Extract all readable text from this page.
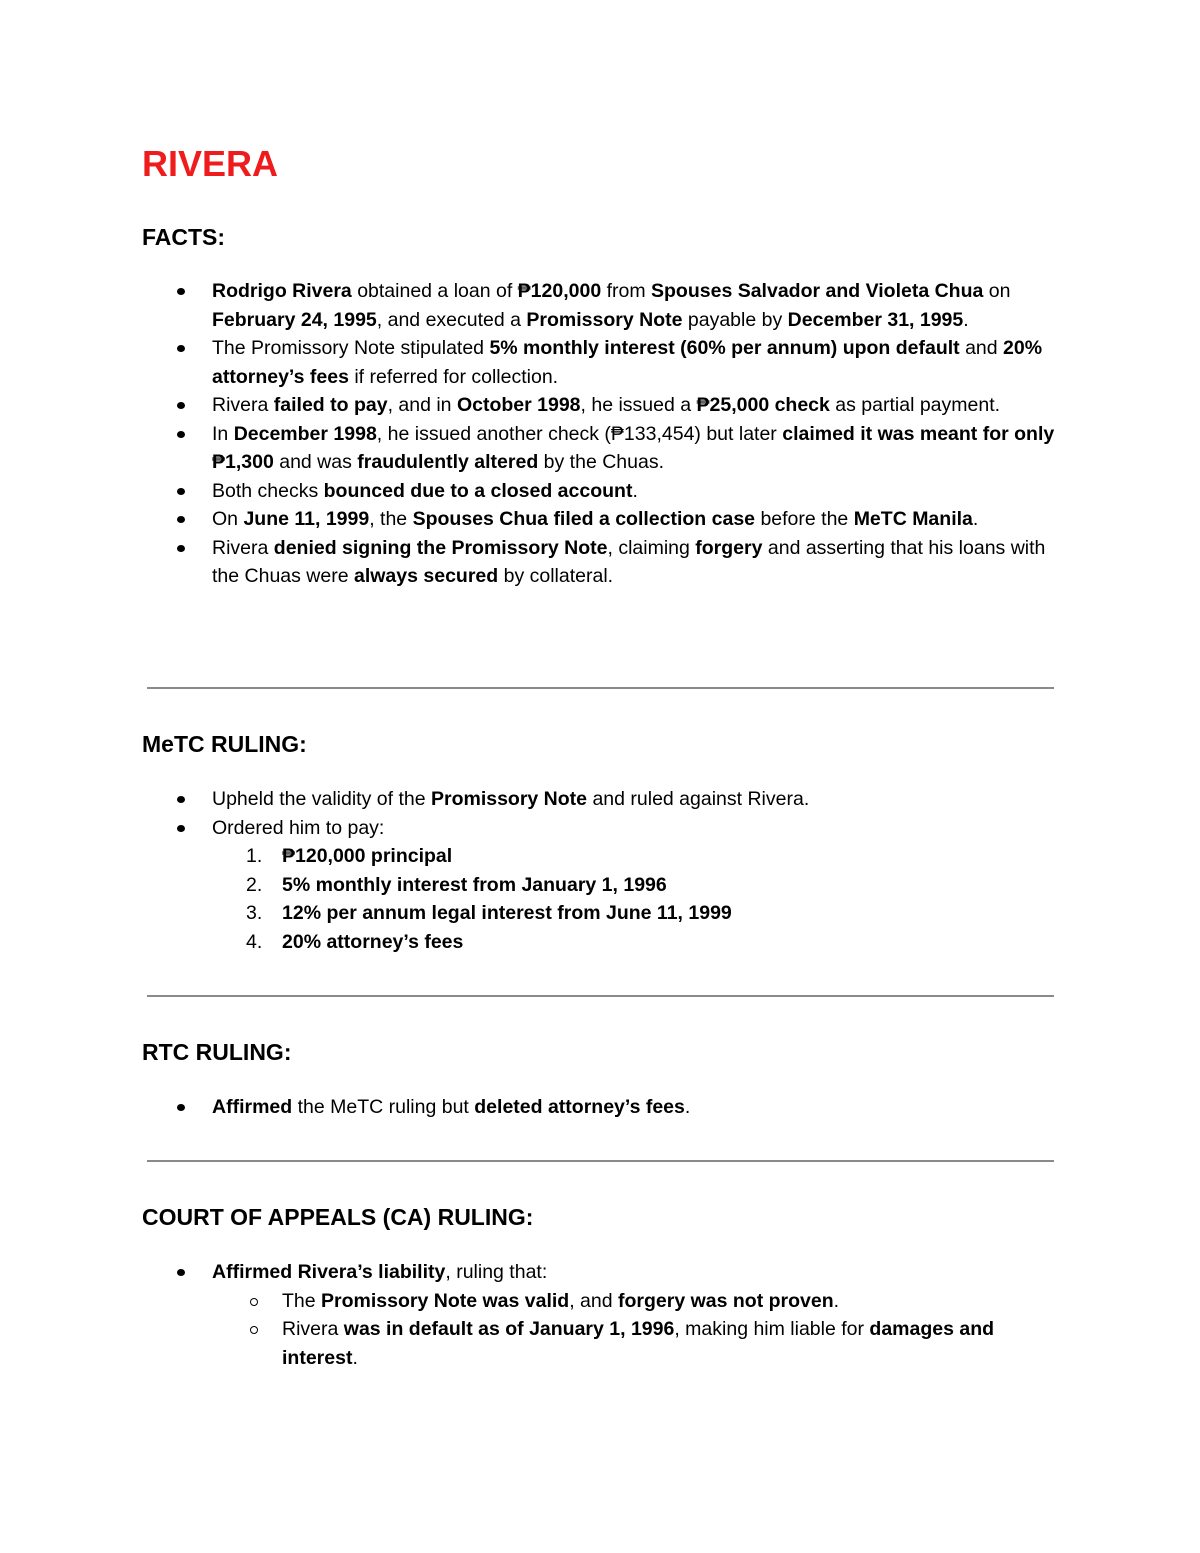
RIVERA
FACTS:
Rodrigo Rivera obtained a loan of ₱120,000 from Spouses Salvador and Violeta Chua on February 24, 1995, and executed a Promissory Note payable by December 31, 1995.
The Promissory Note stipulated 5% monthly interest (60% per annum) upon default and 20% attorney’s fees if referred for collection.
Rivera failed to pay, and in October 1998, he issued a ₱25,000 check as partial payment.
In December 1998, he issued another check (₱133,454) but later claimed it was meant for only ₱1,300 and was fraudulently altered by the Chuas.
Both checks bounced due to a closed account.
On June 11, 1999, the Spouses Chua filed a collection case before the MeTC Manila.
Rivera denied signing the Promissory Note, claiming forgery and asserting that his loans with the Chuas were always secured by collateral.
MeTC RULING:
Upheld the validity of the Promissory Note and ruled against Rivera.
Ordered him to pay:
1.	₱120,000 principal
2.	5% monthly interest from January 1, 1996
3.	12% per annum legal interest from June 11, 1999
4.	20% attorney’s fees
RTC RULING:
Affirmed the MeTC ruling but deleted attorney’s fees.
COURT OF APPEALS (CA) RULING:
Affirmed Rivera’s liability, ruling that:
The Promissory Note was valid, and forgery was not proven.
Rivera was in default as of January 1, 1996, making him liable for damages and interest.
